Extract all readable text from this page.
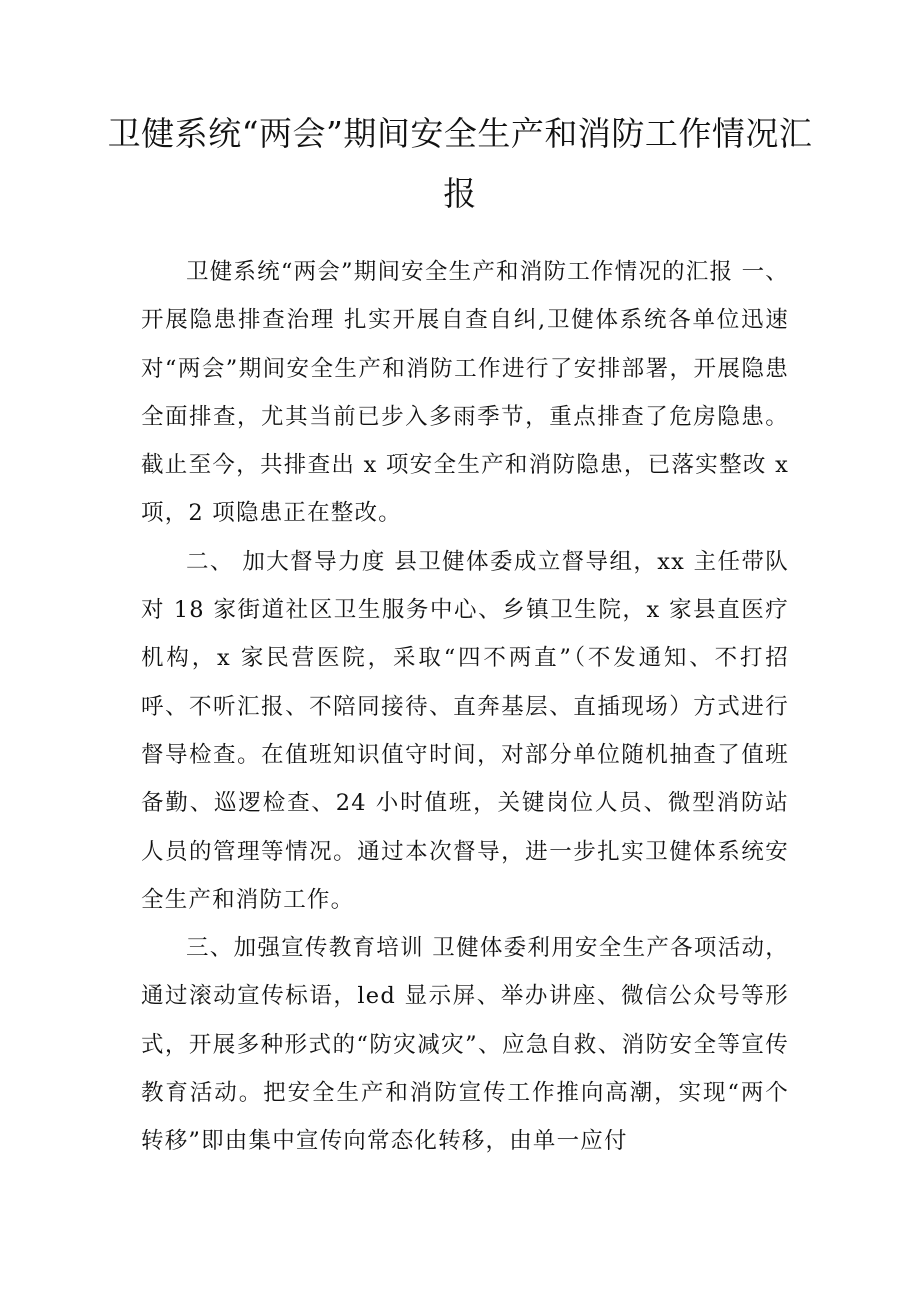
卫健系统“两会”期间安全生产和消防工作情况汇报

卫健系统“两会”期间安全生产和消防工作情况的汇报 一、开展隐患排查治理 扎实开展自查自纠,卫健体系统各单位迅速对“两会”期间安全生产和消防工作进行了安排部署，开展隐患全面排查，尤其当前已步入多雨季节，重点排查了危房隐患。截止至今，共排查出 x 项安全生产和消防隐患，已落实整改 x 项，2 项隐患正在整改。

二、 加大督导力度 县卫健体委成立督导组，xx 主任带队对 18 家街道社区卫生服务中心、乡镇卫生院，x 家县直医疗机构，x 家民营医院，采取“四不两直”（不发通知、不打招呼、不听汇报、不陪同接待、直奔基层、直插现场）方式进行督导检查。在值班知识值守时间，对部分单位随机抽查了值班备勤、巡逻检查、24 小时值班，关键岗位人员、微型消防站人员的管理等情况。通过本次督导，进一步扎实卫健体系统安全生产和消防工作。

三、加强宣传教育培训 卫健体委利用安全生产各项活动，通过滚动宣传标语，led 显示屏、举办讲座、微信公众号等形式，开展多种形式的“防灾减灾”、应急自救、消防安全等宣传教育活动。把安全生产和消防宣传工作推向高潮，实现“两个转移”即由集中宣传向常态化转移，由单一应付
